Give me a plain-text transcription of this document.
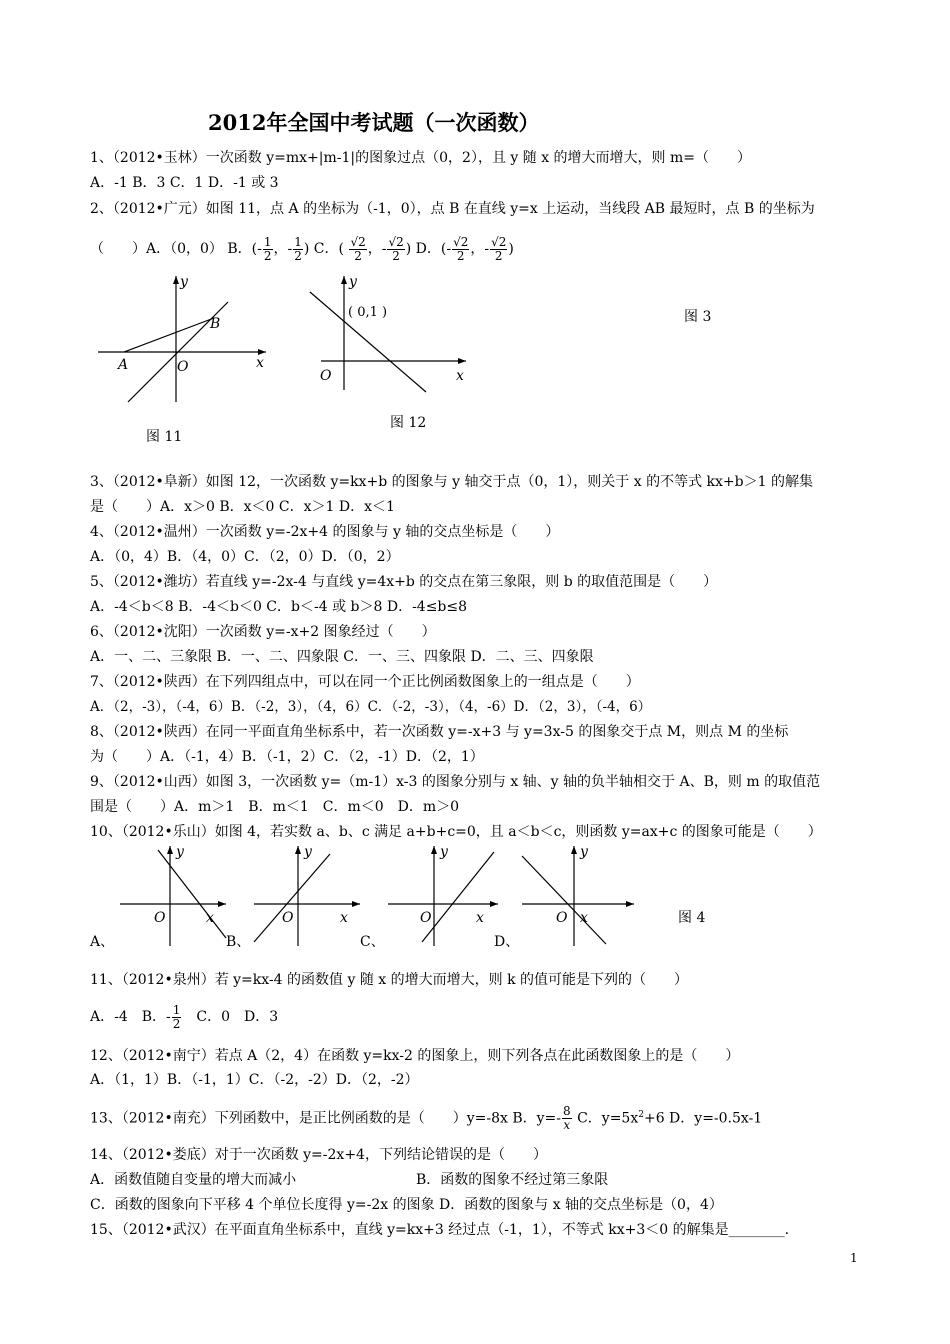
2012年全国中考试题（一次函数）
1、（2012•玉林）一次函数 y=mx+|m-1|的图象过点（0，2），且 y 随 x 的增大而增大，则 m=（　　）
A．-1 B．3 C．1 D．-1 或 3
2、（2012•广元）如图 11，点 A 的坐标为（-1，0），点 B 在直线 y=x 上运动，当线段 AB 最短时，点 B 的坐标为
（　　）A．（0，0） B．(- $\frac{1}{2}$ ，- $\frac{1}{2}$ ) C．( $\frac{√2}{2}$ ，- $\frac{√2}{2}$ ) D．(- $\frac{√2}{2}$ ，- $\frac{√2}{2}$ )
A
B
O	x
y
图 11
( 0,1 )
O	x
y
图 12
图 3
3、（2012•阜新）如图 12，一次函数 y=kx+b 的图象与 y 轴交于点（0，1），则关于 x 的不等式 kx+b＞1 的解集
是（　　）A．x＞0 B．x＜0 C．x＞1 D．x＜1
4、（2012•温州）一次函数 y=-2x+4 的图象与 y 轴的交点坐标是（　　）
A．（0，4）B．（4，0）C．（2，0）D．（0，2）
5、（2012•潍坊）若直线 y=-2x-4 与直线 y=4x+b 的交点在第三象限，则 b 的取值范围是（　　）
A．-4＜b＜8 B．-4＜b＜0 C．b＜-4 或 b＞8 D．-4≤b≤8
6、（2012•沈阳）一次函数 y=-x+2 图象经过（　　）
A．一、二、三象限 B．一、二、四象限 C．一、三、四象限 D．二、三、四象限
7、（2012•陕西）在下列四组点中，可以在同一个正比例函数图象上的一组点是（　　）
A．（2，-3），（-4，6）B．（-2，3），（4，6）C．（-2，-3），（4，-6）D．（2，3），（-4，6）
8、（2012•陕西）在同一平面直角坐标系中，若一次函数 y=-x+3 与 y=3x-5 的图象交于点 M，则点 M 的坐标
为（　　）A．（-1，4）B．（-1，2）C．（2，-1）D．（2，1）
9、（2012•山西）如图 3，一次函数 y=（m-1）x-3 的图象分别与 x 轴、y 轴的负半轴相交于 A、B，则 m 的取值范
围是（　　）A．m＞1　B．m＜1　C．m＜0　D．m＞0
10、（2012•乐山）如图 4，若实数 a、b、c 满足 a+b+c=0，且 a＜b＜c，则函数 y=ax+c 的图象可能是（　　）
O	x
y
O	x
y
O	x
y
O x
y
A、	B、	C、	D、
图 4
11、（2012•泉州）若 y=kx-4 的函数值 y 随 x 的增大而增大，则 k 的值可能是下列的（　　）
A．-4　B．- $\frac{1}{2}$
　 C．0　D．3
12、（2012•南宁）若点 A（2，4）在函数 y=kx-2 的图象上，则下列各点在此函数图象上的是（　　）
A．（1，1）B．（-1，1）C．（-2，-2）D．（2，-2）
13、（2012•南充）下列函数中，是正比例函数的是（　　）y=-8x B．$y=- \frac{8}{x}$ C．$y=5x^2+6$ D．y=-0.5x-1
14、（2012•娄底）对于一次函数 y=-2x+4，下列结论错误的是（　　）
A．函数值随自变量的增大而减小	B．函数的图象不经过第三象限
C．函数的图象向下平移 4 个单位长度得 y=-2x 的图象 D．函数的图象与 x 轴的交点坐标是（0，4）
15、（2012•武汉）在平面直角坐标系中，直线 y=kx+3 经过点（-1，1），不等式 kx+3＜0 的解集是________.
1
